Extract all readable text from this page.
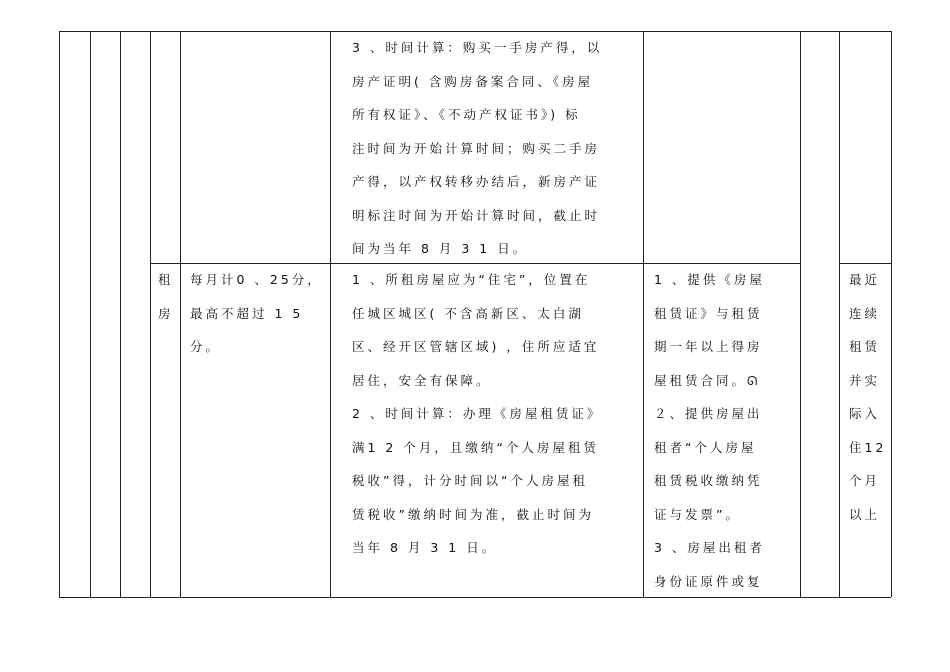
3 、时间计算：购买一手房产得，以
房产证明( 含购房备案合同、《房屋
所有权证》、《不动产权证书》) 标
注时间为开始计算时间；购买二手房
产得，以产权转移办结后，新房产证
明标注时间为开始计算时间，截止时
间为当年 8 月 3 1 日。
租
房
每月计0 、25分，
最高不超过 1 5
分。
1 、所租房屋应为“住宅”，位置在
任城区城区( 不含高新区、太白湖
区、经开区管辖区域) ，住所应适宜
居住，安全有保障。
2 、时间计算：办理《房屋租赁证》
满1 2 个月，且缴纳“个人房屋租赁
税收”得，计分时间以“个人房屋租
赁税收”缴纳时间为准，截止时间为
当年 8 月 3 1 日。
1 、提供《房屋
租赁证》与租赁
期一年以上得房
屋租赁合同。ᘏ
２、提供房屋出
租者“个人房屋
租赁税收缴纳凭
证与发票”。
3 、房屋出租者
身份证原件或复
最近
连续
租赁
并实
际入
住12
个月
以上
